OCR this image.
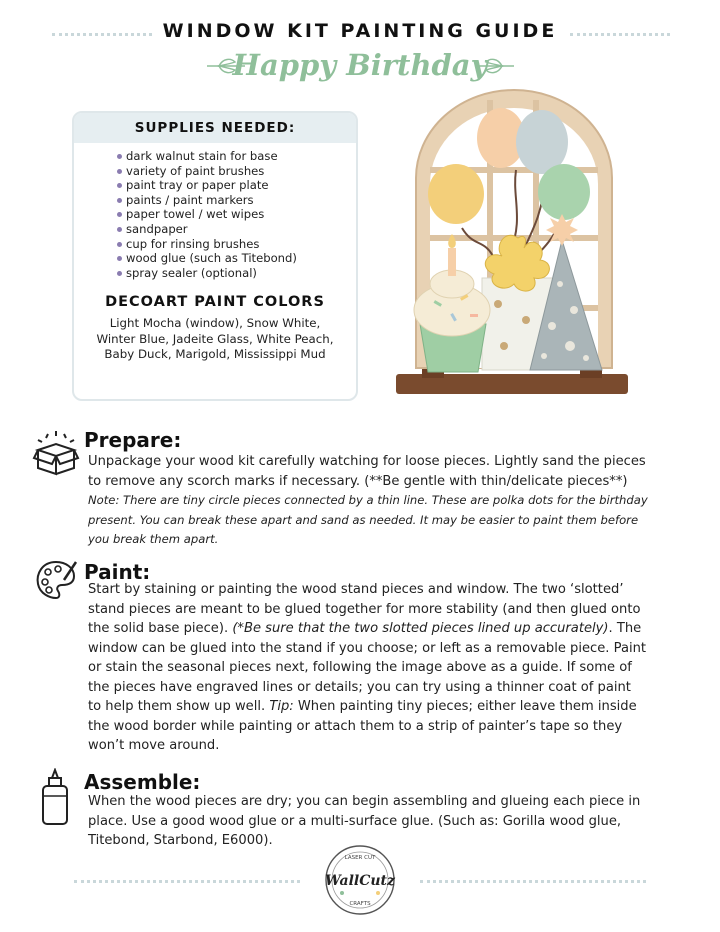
WINDOW KIT PAINTING GUIDE
Happy Birthday
SUPPLIES NEEDED:
dark walnut stain for base
variety of paint brushes
paint tray or paper plate
paints / paint markers
paper towel / wet wipes
sandpaper
cup for rinsing brushes
wood glue (such as Titebond)
spray sealer (optional)
DECOART PAINT COLORS
Light Mocha (window), Snow White, Winter Blue, Jadeite Glass, White Peach, Baby Duck, Marigold, Mississippi Mud
Prepare:
Unpackage your wood kit carefully watching for loose pieces. Lightly sand the pieces to remove any scorch marks if necessary. (**Be gentle with thin/delicate pieces**)
Note: There are tiny circle pieces connected by a thin line. These are polka dots for the birthday present. You can break these apart and sand as needed. It may be easier to paint them before you break them apart.
Paint:
Start by staining or painting the wood stand pieces and window. The two ‘slotted’ stand pieces are meant to be glued together for more stability (and then glued onto the solid base piece). (*Be sure that the two slotted pieces lined up accurately). The window can be glued into the stand if you choose; or left as a removable piece. Paint or stain the seasonal pieces next, following the image above as a guide. If some of the pieces have engraved lines or details; you can try using a thinner coat of paint to help them show up well. Tip: When painting tiny pieces; either leave them inside the wood border while painting or attach them to a strip of painter’s tape so they won’t move around.
Assemble:
When the wood pieces are dry; you can begin assembling and glueing each piece in place. Use a good wood glue or a multi-surface glue. (Such as: Gorilla wood glue, Titebond, Starbond, E6000).
LASER CUT
WallCutz
CRAFTS
